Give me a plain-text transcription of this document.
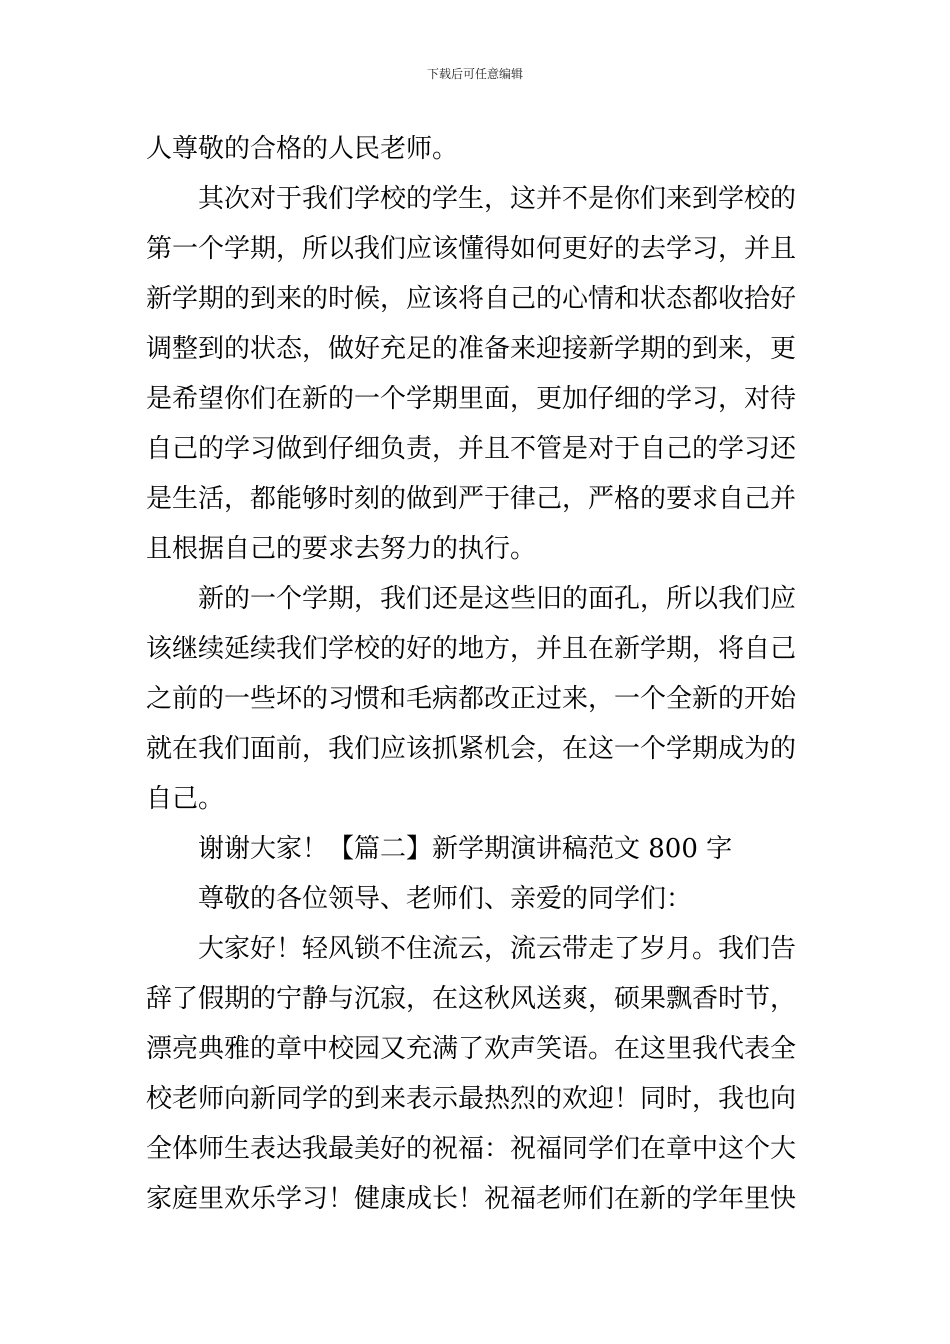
下载后可任意编辑
人尊敬的合格的人民老师。
其次对于我们学校的学生，这并不是你们来到学校的
第一个学期，所以我们应该懂得如何更好的去学习，并且
新学期的到来的时候，应该将自己的心情和状态都收拾好
调整到的状态，做好充足的准备来迎接新学期的到来，更
是希望你们在新的一个学期里面，更加仔细的学习，对待
自己的学习做到仔细负责，并且不管是对于自己的学习还
是生活，都能够时刻的做到严于律己，严格的要求自己并
且根据自己的要求去努力的执行。
新的一个学期，我们还是这些旧的面孔，所以我们应
该继续延续我们学校的好的地方，并且在新学期，将自己
之前的一些坏的习惯和毛病都改正过来，一个全新的开始
就在我们面前，我们应该抓紧机会，在这一个学期成为的
自己。
谢谢大家！【篇二】新学期演讲稿范文 800 字
尊敬的各位领导、老师们、亲爱的同学们：
大家好！轻风锁不住流云，流云带走了岁月。我们告
辞了假期的宁静与沉寂，在这秋风送爽，硕果飘香时节，
漂亮典雅的章中校园又充满了欢声笑语。在这里我代表全
校老师向新同学的到来表示最热烈的欢迎！同时，我也向
全体师生表达我最美好的祝福：祝福同学们在章中这个大
家庭里欢乐学习！健康成长！祝福老师们在新的学年里快
